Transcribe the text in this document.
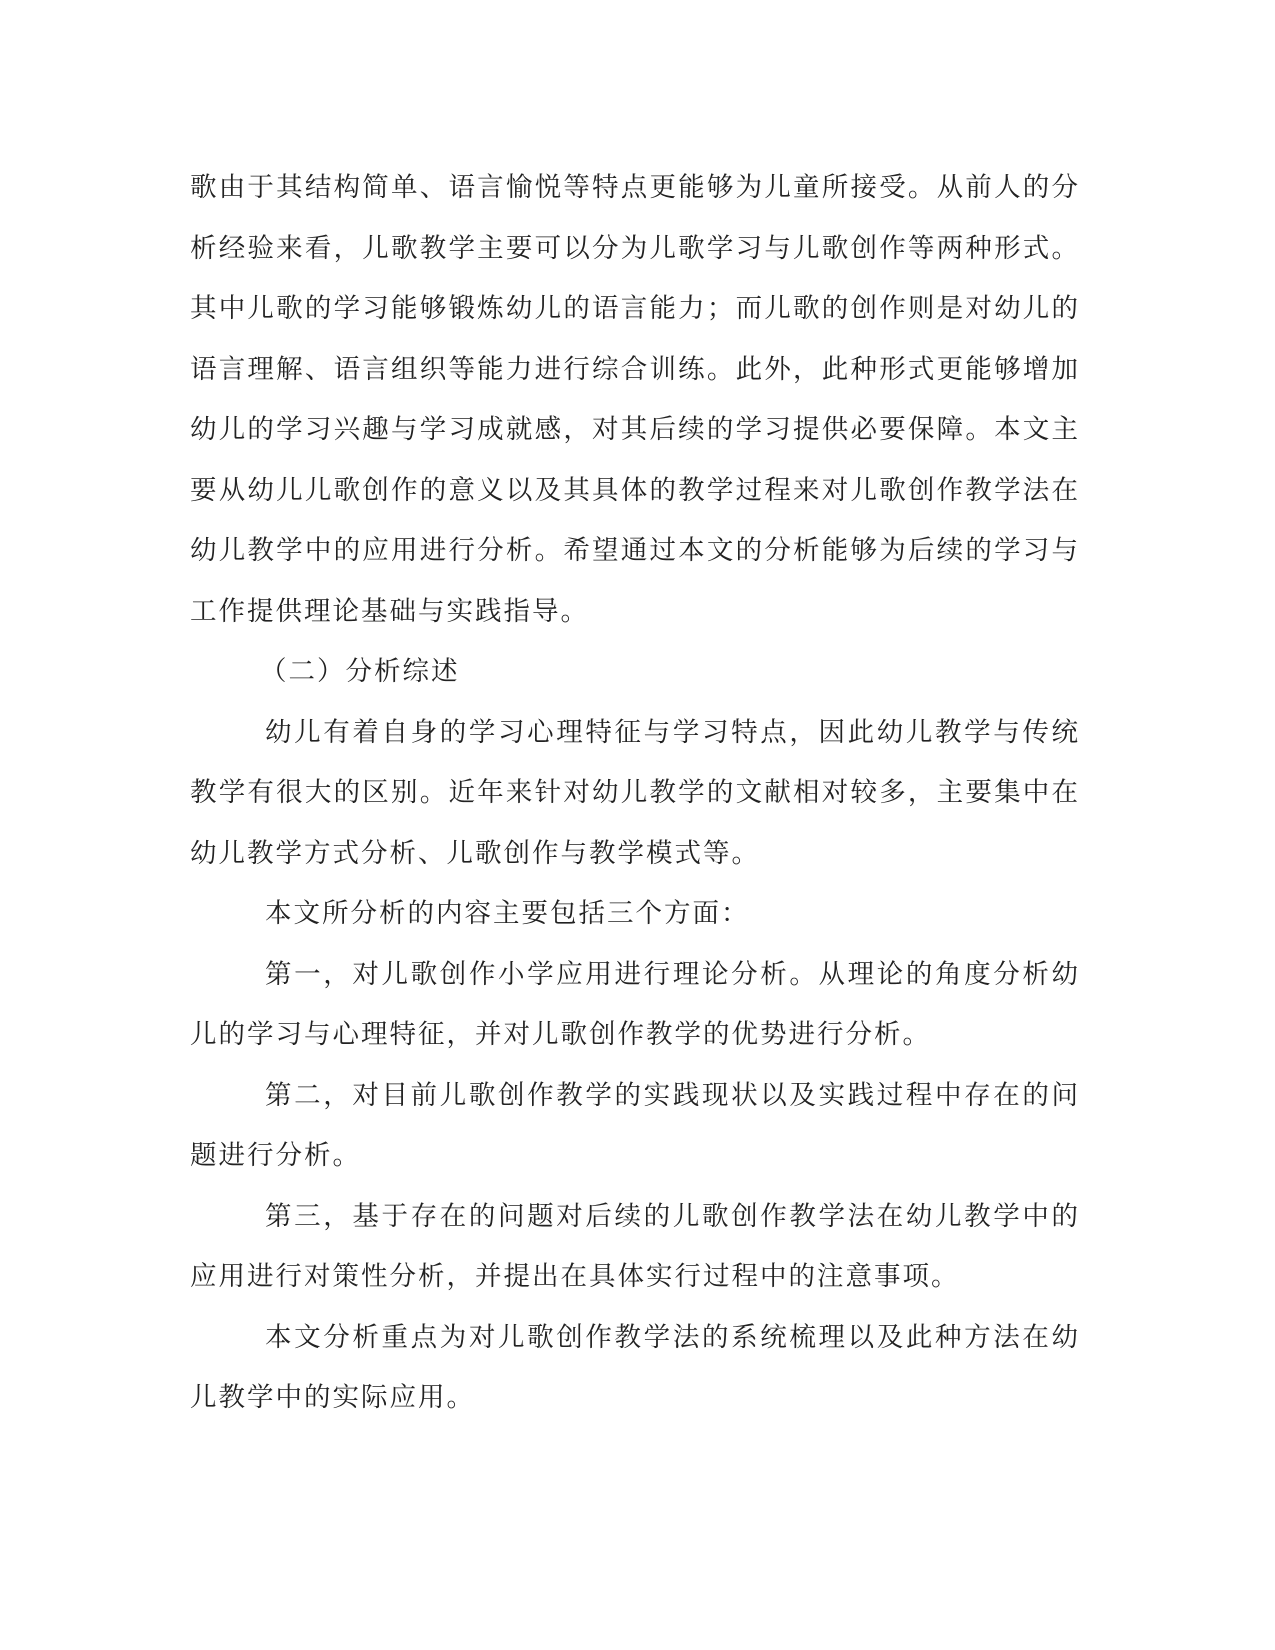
歌由于其结构简单、语言愉悦等特点更能够为儿童所接受。从前人的分析经验来看，儿歌教学主要可以分为儿歌学习与儿歌创作等两种形式。其中儿歌的学习能够锻炼幼儿的语言能力；而儿歌的创作则是对幼儿的语言理解、语言组织等能力进行综合训练。此外，此种形式更能够增加幼儿的学习兴趣与学习成就感，对其后续的学习提供必要保障。本文主要从幼儿儿歌创作的意义以及其具体的教学过程来对儿歌创作教学法在幼儿教学中的应用进行分析。希望通过本文的分析能够为后续的学习与工作提供理论基础与实践指导。

（二）分析综述

幼儿有着自身的学习心理特征与学习特点，因此幼儿教学与传统教学有很大的区别。近年来针对幼儿教学的文献相对较多，主要集中在幼儿教学方式分析、儿歌创作与教学模式等。

本文所分析的内容主要包括三个方面：

第一，对儿歌创作小学应用进行理论分析。从理论的角度分析幼儿的学习与心理特征，并对儿歌创作教学的优势进行分析。

第二，对目前儿歌创作教学的实践现状以及实践过程中存在的问题进行分析。

第三，基于存在的问题对后续的儿歌创作教学法在幼儿教学中的应用进行对策性分析，并提出在具体实行过程中的注意事项。

本文分析重点为对儿歌创作教学法的系统梳理以及此种方法在幼儿教学中的实际应用。
